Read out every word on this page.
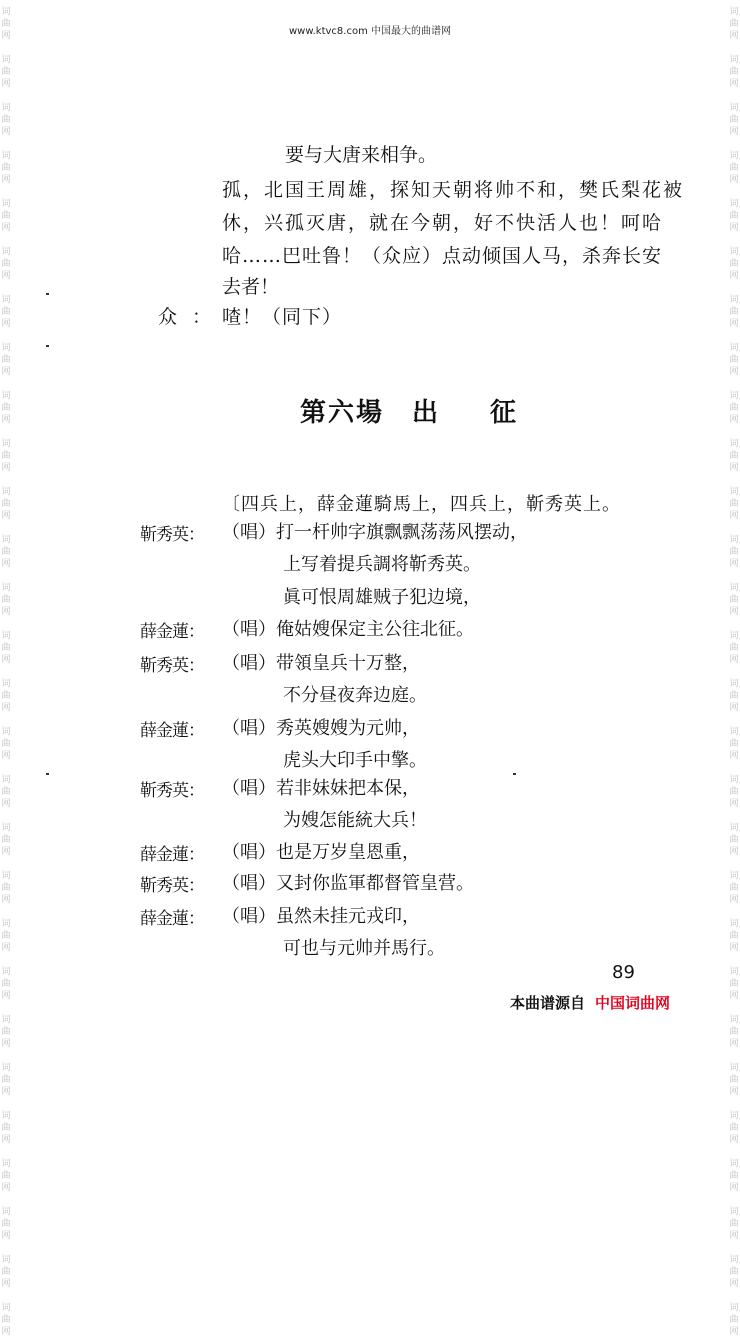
词
曲
网
词
曲
网
词
曲
网
词
曲
网
词
曲
网
词
曲
网
词
曲
网
词
曲
网
词
曲
网
词
曲
网
词
曲
网
词
曲
网
词
曲
网
词
曲
网
词
曲
网
词
曲
网
词
曲
网
词
曲
网
词
曲
网
词
曲
网
词
曲
网
词
曲
网
词
曲
网
词
曲
网
词
曲
网
词
曲
网
词
曲
网
词
曲
网
词
曲
网
词
曲
网
词
曲
网
词
曲
网
词
曲
网
词
曲
网
词
曲
网
词
曲
网
词
曲
网
词
曲
网
词
曲
网
词
曲
网
词
曲
网
词
曲
网
词
曲
网
词
曲
网
词
曲
网
词
曲
网
词
曲
网
词
曲
网
词
曲
网
词
曲
网
词
曲
网
词
曲
网
词
曲
网
词
曲
网
词
曲
网
词
曲
网
www.ktvc8.com 中国最大的曲谱网
要与大唐来相争。
孤，北国王周雄，探知天朝将帅不和，樊氏梨花被
休，兴孤灭唐，就在今朝，好不快活人也！呵哈
哈……巴吐鲁！（众应）点动倾国人马，杀奔长安
去者！
众 ： 喳！（同下）
第六場 出 征
〔四兵上，薛金蓮騎馬上，四兵上，靳秀英上。
靳秀英： （唱）打一杆帅字旗飘飘荡荡风摆动，
上写着提兵調将靳秀英。
眞可恨周雄贼子犯边境，
薛金蓮： （唱）俺姑嫂保定主公往北征。
靳秀英： （唱）带領皇兵十万整，
不分昼夜奔边庭。
薛金蓮： （唱）秀英嫂嫂为元帅，
虎头大印手中擎。
靳秀英： （唱）若非妹妹把本保，
为嫂怎能統大兵！
薛金蓮： （唱）也是万岁皇恩重，
靳秀英： （唱）又封你监軍都督管皇营。
薛金蓮： （唱）虽然未挂元戎印，
可也与元帅并馬行。
89
本曲谱源自 中国词曲网
